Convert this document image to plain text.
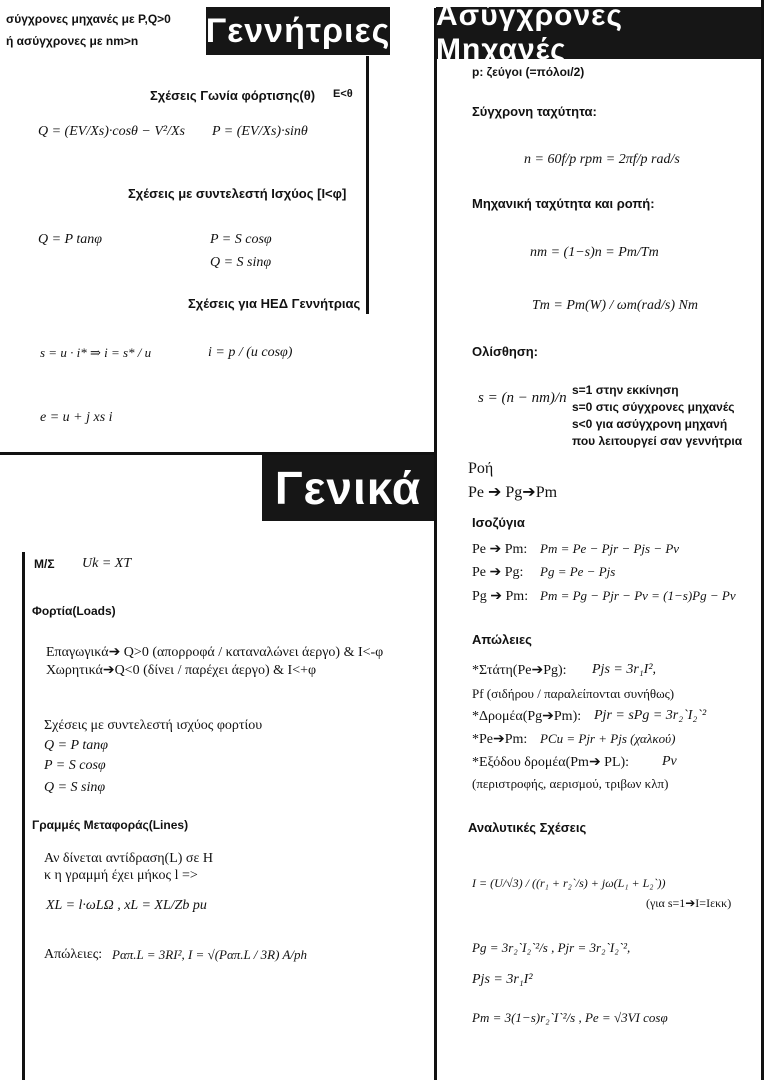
Γεννήτριες
σύγχρονες μηχανές με P,Q>0
ή ασύγχρονες με nm>n
Σχέσεις Γωνία φόρτισης(θ) E<θ
Q = (EV/Xs)·cosθ − V²/Xs P = (EV/Xs)·sinθ
Σχέσεις με συντελεστή Ισχύος [I<φ]
Q = P tanφ	P = S cosφ
Q = S sinφ
Σχέσεις για ΗΕΔ Γεννήτριας
s = u · i* ⇒ i = s* / u	i = p / (u cosφ)
e = u + j xs i
Ασύγχρονες Μηχανές
p: ζεύγοι (=πόλοι/2)
Σύγχρονη ταχύτητα:
n = 60f/p rpm = 2πf/p rad/s
Μηχανική ταχύτητα και ροπή:
nm = (1−s)n = Pm/Tm
Tm = Pm(W) / ωm(rad/s) Nm
Ολίσθηση:
s = (n − nm)/n s=1 στην εκκίνηση
s=0 στις σύγχρονες μηχανές
s<0 για ασύγχρονη μηχανή
που λειτουργεί σαν γεννήτρια
Ροή
Pe ➔ Pg➔Pm
Ισοζύγια
Pe ➔ Pm: Pm = Pe − Pjr − Pjs − Pv
Pe ➔ Pg: Pg = Pe − Pjs
Pg ➔ Pm: Pm = Pg − Pjr − Pv = (1−s)Pg − Pv
Απώλειες
*Στάτη(Pe➔Pg): Pjs = 3r₁I²,
Pf (σιδήρου / παραλείπονται συνήθως)
*Δρομέα(Pg➔Pm): Pjr = sPg = 3r₂`I₂`²
*Pe➔Pm: PCu = Pjr + Pjs (χαλκού)
*Εξόδου δρομέα(Pm➔ PL): Pv
(περιστροφής, αερισμού, τριβων κλπ)
Αναλυτικές Σχέσεις
I = (U/√3) / ((r₁ + r₂`/s) + jω(L₁ + L₂`))
(για s=1➔I=Iεκκ)
Pg = 3r₂`I₂`²/s , Pjr = 3r₂`I₂`²,
Pjs = 3r₁I²
Pm = 3(1−s)r₂`I`²/s , Pe = √3VI cosφ
Γενικά
Μ/Σ Uk = XT
Φορτία(Loads)
Επαγωγικά➔ Q>0 (απορροφά / καταναλώνει άεργο) & I<-φ
Χωρητικά➔Q<0 (δίνει / παρέχει άεργο) & I<+φ
Σχέσεις με συντελεστή ισχύος φορτίου
Q = P tanφ
P = S cosφ
Q = S sinφ
Γραμμές Μεταφοράς(Lines)
Αν δίνεται αντίδραση(L) σε H
κ η γραμμή έχει μήκος l =>
XL = l·ωLΩ , xL = XL/Zb pu
Απώλειες: Pαπ.L = 3RI², I = √(Pαπ.L / 3R) A/ph
